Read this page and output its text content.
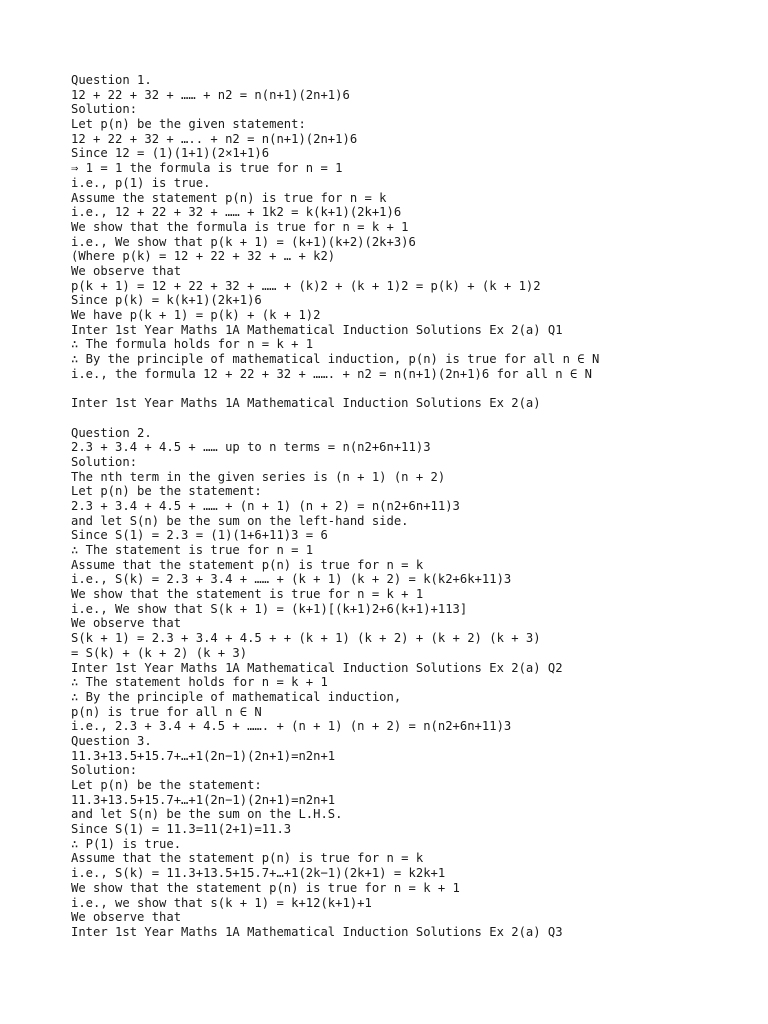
Question 1.
12 + 22 + 32 + …… + n2 = n(n+1)(2n+1)6
Solution:
Let p(n) be the given statement:
12 + 22 + 32 + ….. + n2 = n(n+1)(2n+1)6
Since 12 = (1)(1+1)(2×1+1)6
⇒ 1 = 1 the formula is true for n = 1
i.e., p(1) is true.
Assume the statement p(n) is true for n = k
i.e., 12 + 22 + 32 + …… + 1k2 = k(k+1)(2k+1)6
We show that the formula is true for n = k + 1
i.e., We show that p(k + 1) = (k+1)(k+2)(2k+3)6
(Where p(k) = 12 + 22 + 32 + … + k2)
We observe that
p(k + 1) = 12 + 22 + 32 + …… + (k)2 + (k + 1)2 = p(k) + (k + 1)2
Since p(k) = k(k+1)(2k+1)6
We have p(k + 1) = p(k) + (k + 1)2
Inter 1st Year Maths 1A Mathematical Induction Solutions Ex 2(a) Q1
∴ The formula holds for n = k + 1
∴ By the principle of mathematical induction, p(n) is true for all n ∈ N
i.e., the formula 12 + 22 + 32 + ……. + n2 = n(n+1)(2n+1)6 for all n ∈ N
Inter 1st Year Maths 1A Mathematical Induction Solutions Ex 2(a)
Question 2.
2.3 + 3.4 + 4.5 + …… up to n terms = n(n2+6n+11)3
Solution:
The nth term in the given series is (n + 1) (n + 2)
Let p(n) be the statement:
2.3 + 3.4 + 4.5 + …… + (n + 1) (n + 2) = n(n2+6n+11)3
and let S(n) be the sum on the left-hand side.
Since S(1) = 2.3 = (1)(1+6+11)3 = 6
∴ The statement is true for n = 1
Assume that the statement p(n) is true for n = k
i.e., S(k) = 2.3 + 3.4 + …… + (k + 1) (k + 2) = k(k2+6k+11)3
We show that the statement is true for n = k + 1
i.e., We show that S(k + 1) = (k+1)[(k+1)2+6(k+1)+113]
We observe that
S(k + 1) = 2.3 + 3.4 + 4.5 + + (k + 1) (k + 2) + (k + 2) (k + 3)
= S(k) + (k + 2) (k + 3)
Inter 1st Year Maths 1A Mathematical Induction Solutions Ex 2(a) Q2
∴ The statement holds for n = k + 1
∴ By the principle of mathematical induction,
p(n) is true for all n ∈ N
i.e., 2.3 + 3.4 + 4.5 + ……. + (n + 1) (n + 2) = n(n2+6n+11)3
Question 3.
11.3+13.5+15.7+…+1(2n−1)(2n+1)=n2n+1
Solution:
Let p(n) be the statement:
11.3+13.5+15.7+…+1(2n−1)(2n+1)=n2n+1
and let S(n) be the sum on the L.H.S.
Since S(1) = 11.3=11(2+1)=11.3
∴ P(1) is true.
Assume that the statement p(n) is true for n = k
i.e., S(k) = 11.3+13.5+15.7+…+1(2k−1)(2k+1) = k2k+1
We show that the statement p(n) is true for n = k + 1
i.e., we show that s(k + 1) = k+12(k+1)+1
We observe that
Inter 1st Year Maths 1A Mathematical Induction Solutions Ex 2(a) Q3
